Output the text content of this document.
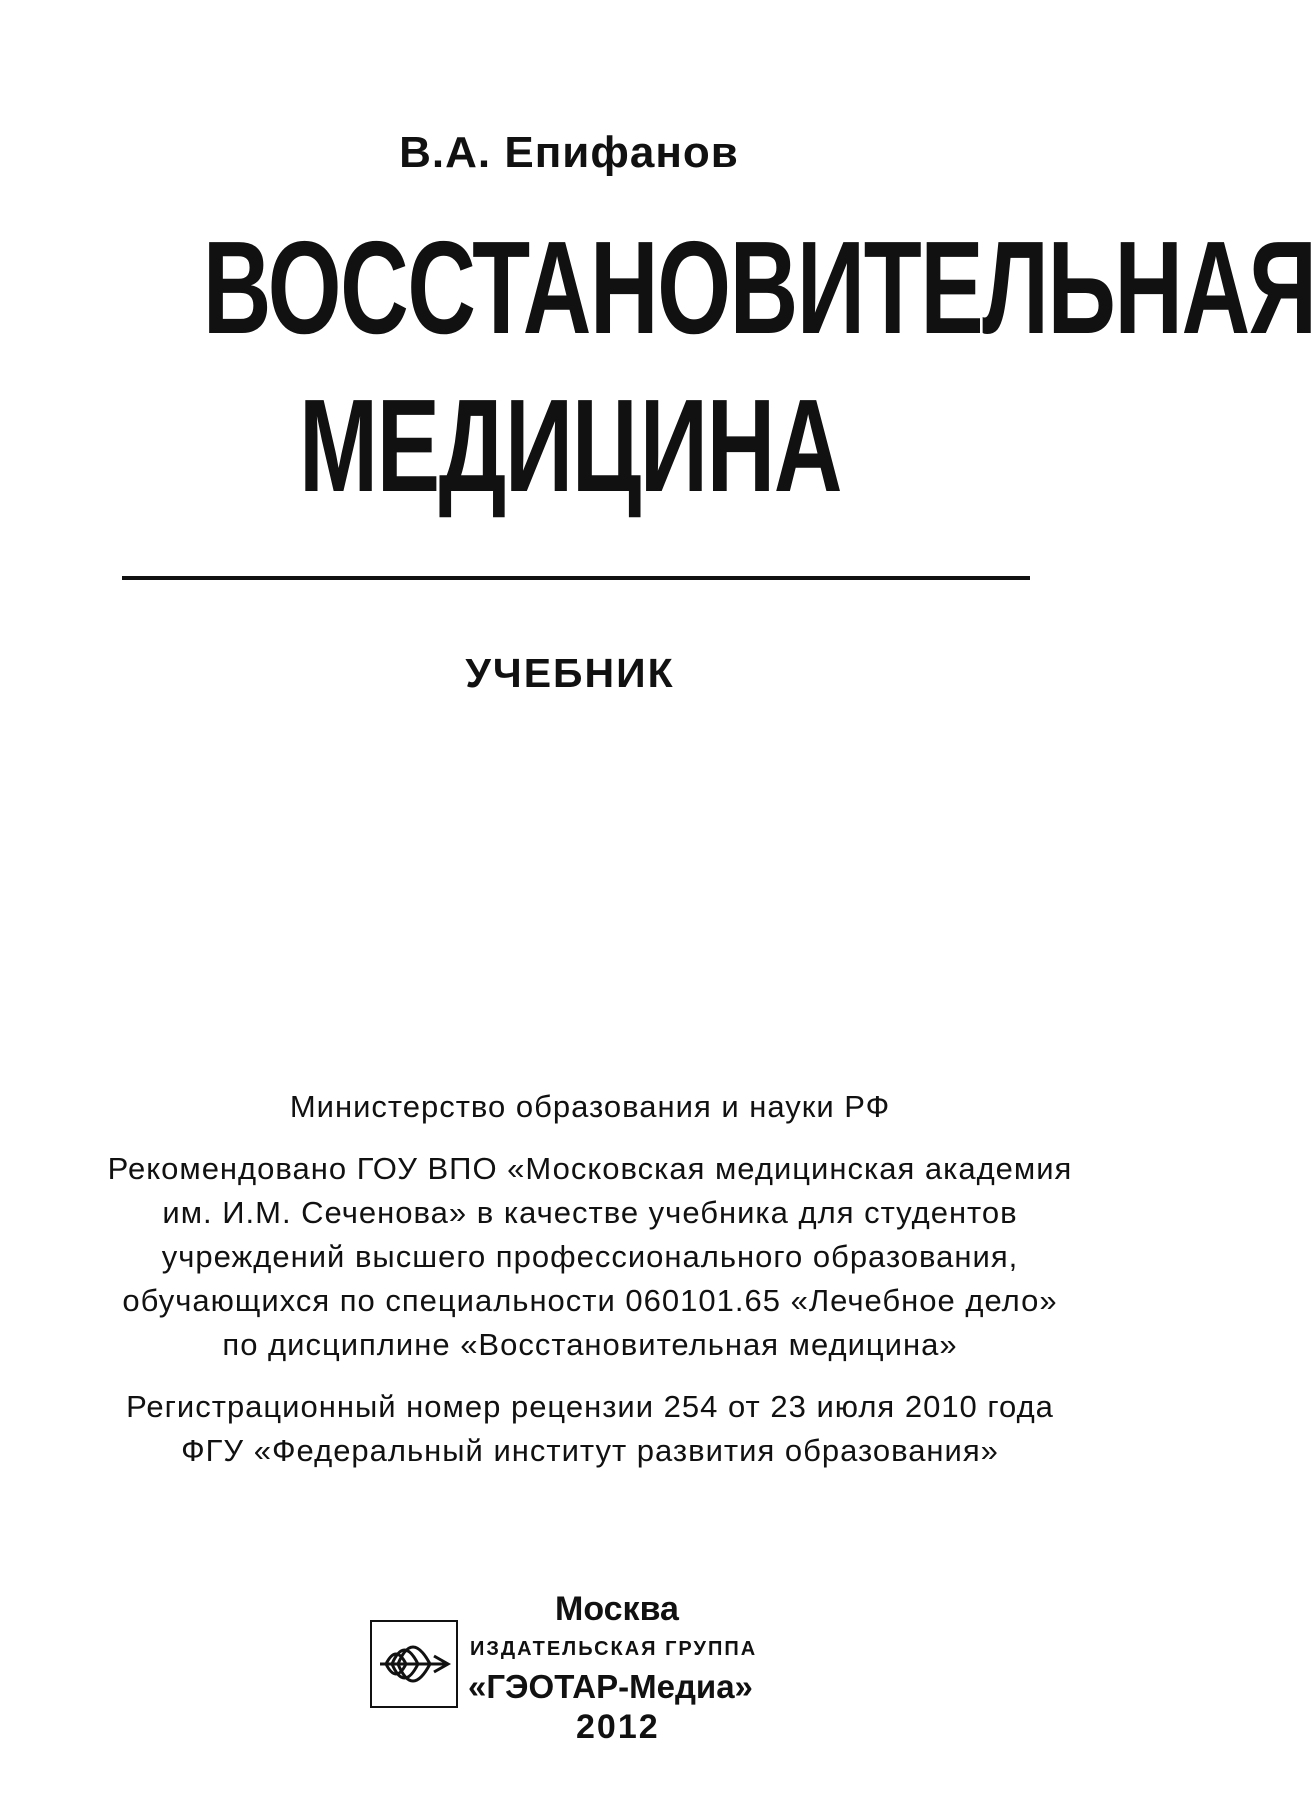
В.А. Епифанов
ВОССТАНОВИТЕЛЬНАЯ
МЕДИЦИНА
УЧЕБНИК

Министерство образования и науки РФ

Рекомендовано ГОУ ВПО «Московская медицинская академия

им. И.М. Сеченова» в качестве учебника для студентов

учреждений высшего профессионального образования,

обучающихся по специальности 060101.65 «Лечебное дело»

по дисциплине «Восстановительная медицина»

Регистрационный номер рецензии 254 от 23 июля 2010 года

ФГУ «Федеральный институт развития образования»

Москва
ИЗДАТЕЛЬСКАЯ ГРУППА
«ГЭОТАР-Медиа»
2012
